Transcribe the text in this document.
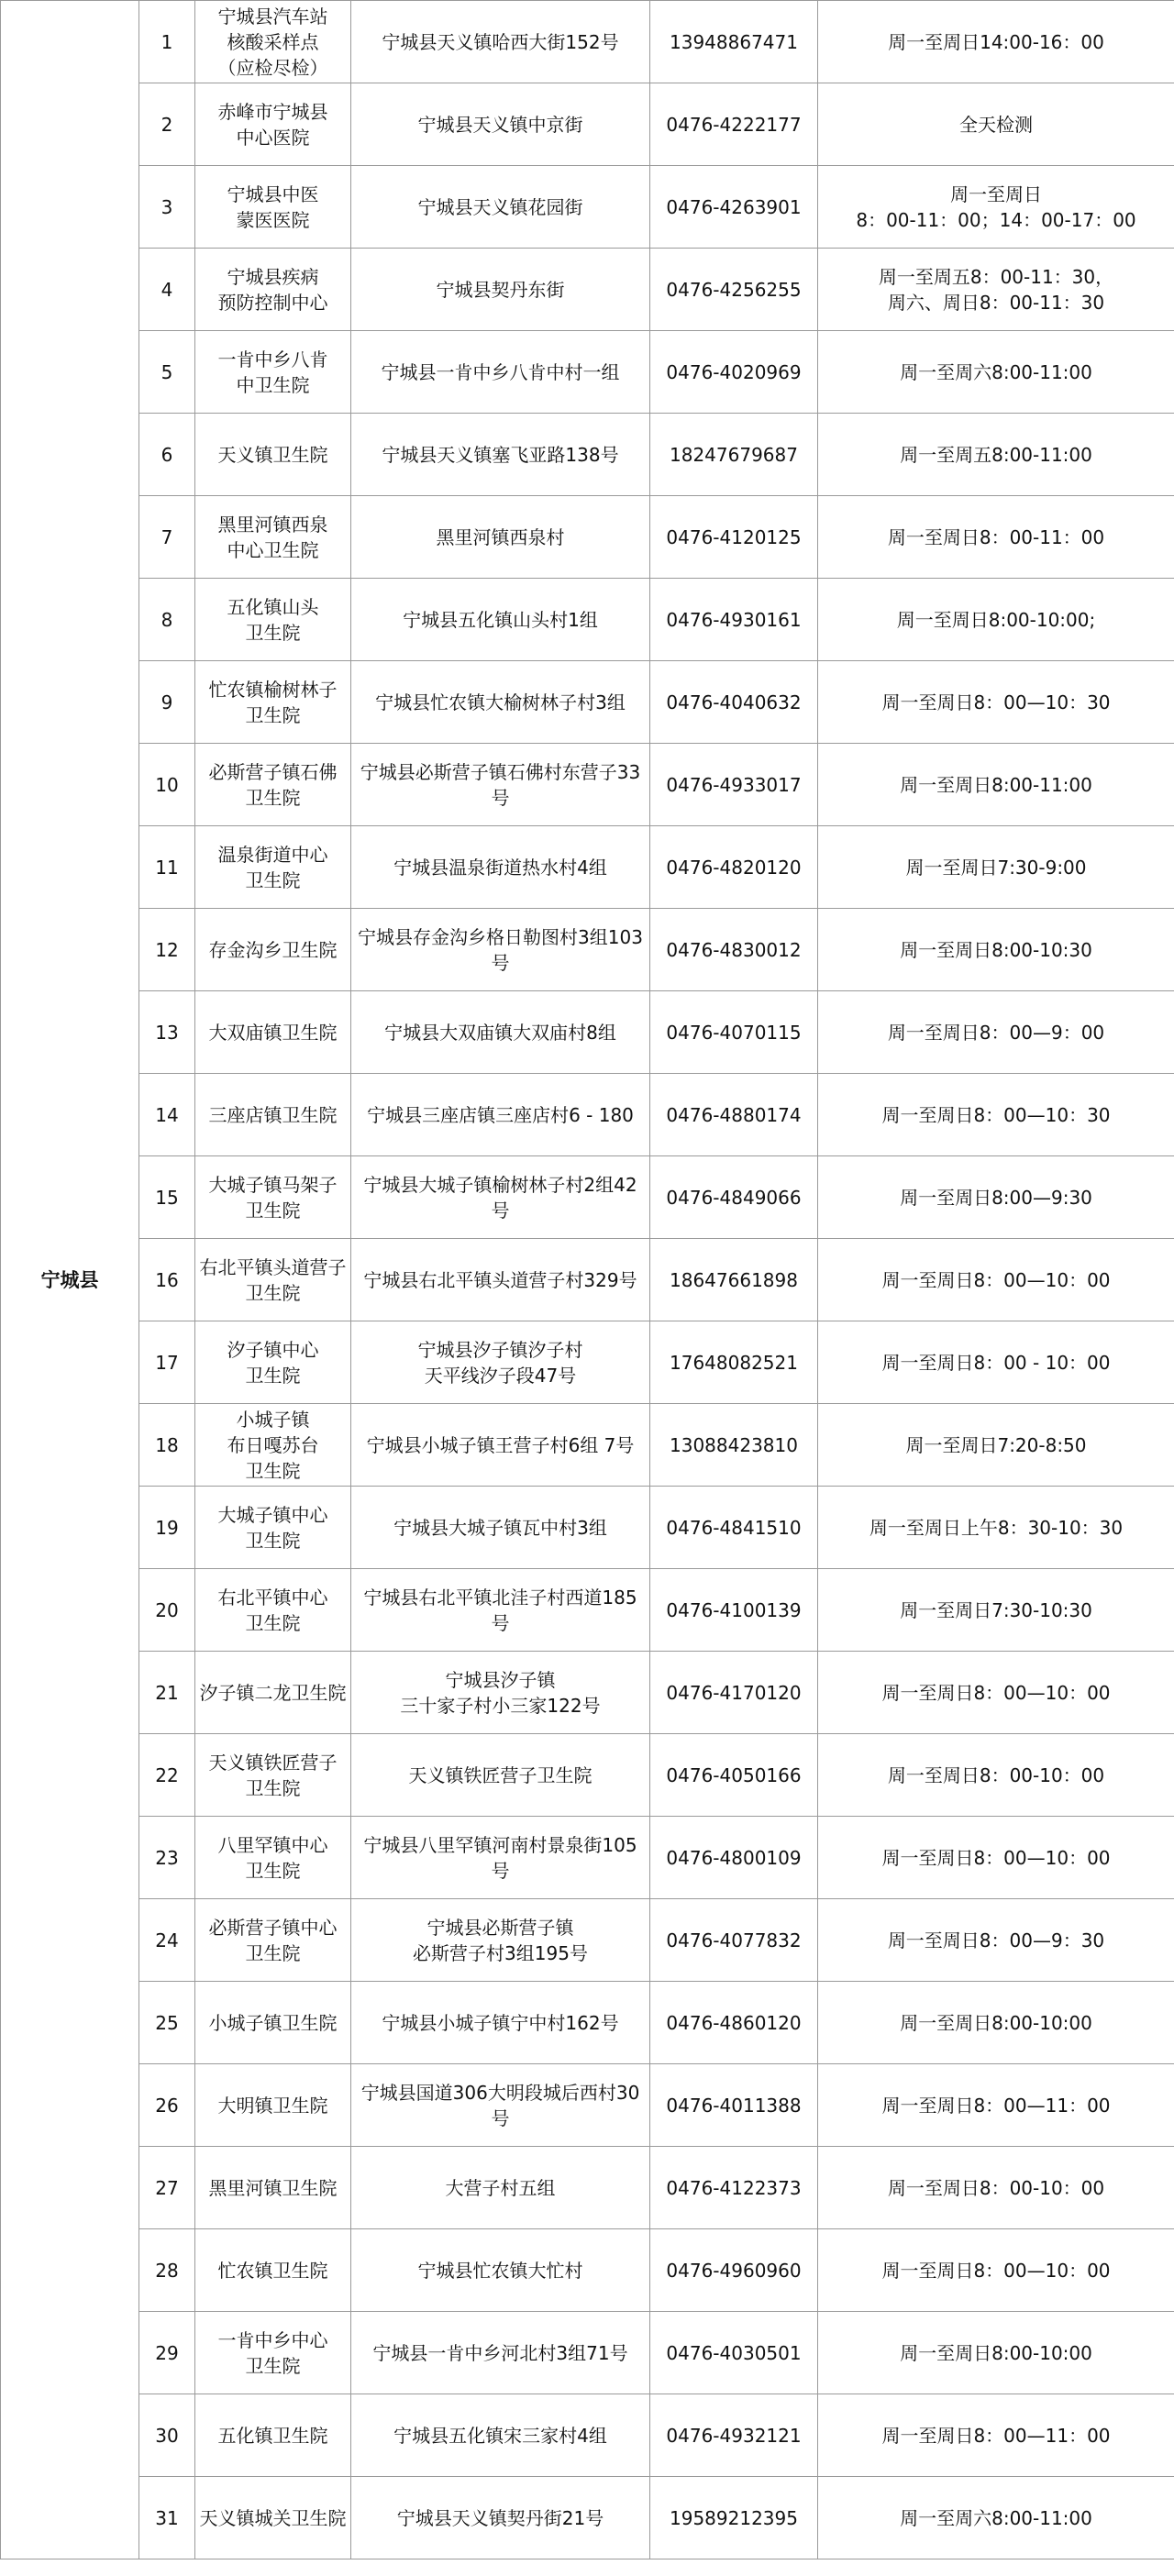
宁城县	1	宁城县汽车站
核酸采样点
（应检尽检）	宁城县天义镇哈西大街152号	13948867471	周一至周日14:00-16：00
	2	赤峰市宁城县
中心医院	宁城县天义镇中京街	0476-4222177	全天检测
	3	宁城县中医
蒙医医院	宁城县天义镇花园街	0476-4263901	周一至周日
8：00-11：00；14：00-17：00
	4	宁城县疾病
预防控制中心	宁城县契丹东街	0476-4256255	周一至周五8：00-11：30，
周六、周日8：00-11：30
	5	一肯中乡八肯
中卫生院	宁城县一肯中乡八肯中村一组	0476-4020969	周一至周六8:00-11:00
	6	天义镇卫生院	宁城县天义镇塞飞亚路138号	18247679687	周一至周五8:00-11:00
	7	黑里河镇西泉
中心卫生院	黑里河镇西泉村	0476-4120125	周一至周日8：00-11：00
	8	五化镇山头
卫生院	宁城县五化镇山头村1组	0476-4930161	周一至周日8:00-10:00;
	9	忙农镇榆树林子
卫生院	宁城县忙农镇大榆树林子村3组	0476-4040632	周一至周日8：00—10：30
	10	必斯营子镇石佛
卫生院	宁城县必斯营子镇石佛村东营子33号	0476-4933017	周一至周日8:00-11:00
	11	温泉街道中心
卫生院	宁城县温泉街道热水村4组	0476-4820120	周一至周日7:30-9:00
	12	存金沟乡卫生院	宁城县存金沟乡格日勒图村3组103号	0476-4830012	周一至周日8:00-10:30
	13	大双庙镇卫生院	宁城县大双庙镇大双庙村8组	0476-4070115	周一至周日8：00—9：00
	14	三座店镇卫生院	宁城县三座店镇三座店村6 - 180	0476-4880174	周一至周日8：00—10：30
	15	大城子镇马架子
卫生院	宁城县大城子镇榆树林子村2组42号	0476-4849066	周一至周日8:00—9:30
	16	右北平镇头道营子
卫生院	宁城县右北平镇头道营子村329号	18647661898	周一至周日8：00—10：00
	17	汐子镇中心
卫生院	宁城县汐子镇汐子村
天平线汐子段47号	17648082521	周一至周日8：00 - 10：00
	18	小城子镇
布日嘎苏台
卫生院	宁城县小城子镇王营子村6组 7号	13088423810	周一至周日7:20-8:50
	19	大城子镇中心
卫生院	宁城县大城子镇瓦中村3组	0476-4841510	周一至周日上午8：30-10：30
	20	右北平镇中心
卫生院	宁城县右北平镇北洼子村西道185号	0476-4100139	周一至周日7:30-10:30
	21	汐子镇二龙卫生院	宁城县汐子镇
三十家子村小三家122号	0476-4170120	周一至周日8：00—10：00
	22	天义镇铁匠营子
卫生院	天义镇铁匠营子卫生院	0476-4050166	周一至周日8：00-10：00
	23	八里罕镇中心
卫生院	宁城县八里罕镇河南村景泉街105号	0476-4800109	周一至周日8：00—10：00
	24	必斯营子镇中心
卫生院	宁城县必斯营子镇
必斯营子村3组195号	0476-4077832	周一至周日8：00—9：30
	25	小城子镇卫生院	宁城县小城子镇宁中村162号	0476-4860120	周一至周日8:00-10:00
	26	大明镇卫生院	宁城县国道306大明段城后西村30号	0476-4011388	周一至周日8：00—11：00
	27	黑里河镇卫生院	大营子村五组	0476-4122373	周一至周日8：00-10：00
	28	忙农镇卫生院	宁城县忙农镇大忙村	0476-4960960	周一至周日8：00—10：00
	29	一肯中乡中心
卫生院	宁城县一肯中乡河北村3组71号	0476-4030501	周一至周日8:00-10:00
	30	五化镇卫生院	宁城县五化镇宋三家村4组	0476-4932121	周一至周日8：00—11：00
	31	天义镇城关卫生院	宁城县天义镇契丹街21号	19589212395	周一至周六8:00-11:00
